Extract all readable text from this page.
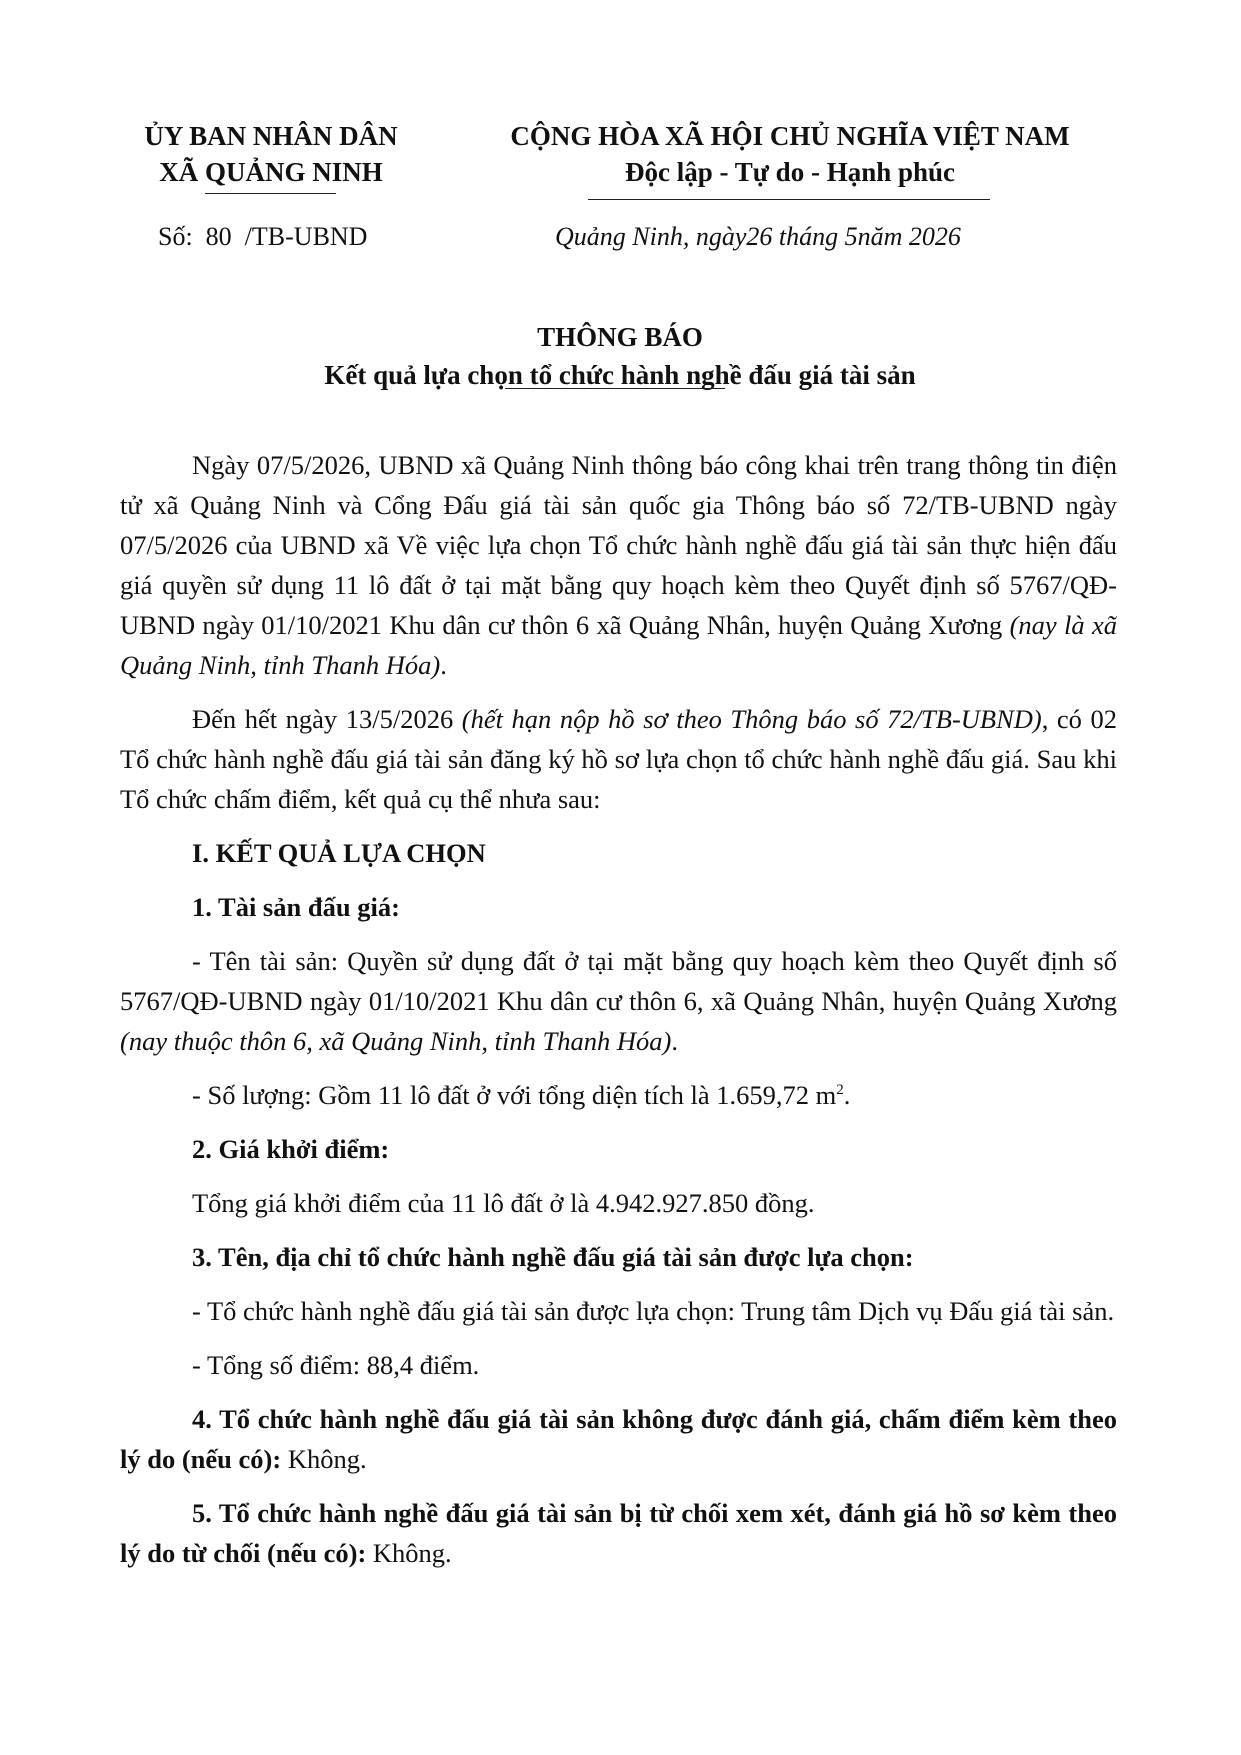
ỦY BAN NHÂN DÂN
XÃ QUẢNG NINH
CỘNG HÒA XÃ HỘI CHỦ NGHĨA VIỆT NAM
Độc lập - Tự do - Hạnh phúc
Số:  80  /TB-UBND	Quảng Ninh, ngày26 tháng 5năm 2026
THÔNG BÁO
Kết quả lựa chọn tổ chức hành nghề đấu giá tài sản

Ngày 07/5/2026, UBND xã Quảng Ninh thông báo công khai trên trang thông tin điện tử xã Quảng Ninh và Cổng Đấu giá tài sản quốc gia Thông báo số 72/TB-UBND ngày 07/5/2026 của UBND xã Về việc lựa chọn Tổ chức hành nghề đấu giá tài sản thực hiện đấu giá quyền sử dụng 11 lô đất ở tại mặt bằng quy hoạch kèm theo Quyết định số 5767/QĐ-UBND ngày 01/10/2021 Khu dân cư thôn 6 xã Quảng Nhân, huyện Quảng Xương (nay là xã Quảng Ninh, tỉnh Thanh Hóa).

Đến hết ngày 13/5/2026 (hết hạn nộp hồ sơ theo Thông báo số 72/TB-UBND), có 02 Tổ chức hành nghề đấu giá tài sản đăng ký hồ sơ lựa chọn tổ chức hành nghề đấu giá. Sau khi Tổ chức chấm điểm, kết quả cụ thể nhưa sau:

I. KẾT QUẢ LỰA CHỌN

1. Tài sản đấu giá:

- Tên tài sản: Quyền sử dụng đất ở tại mặt bằng quy hoạch kèm theo Quyết định số 5767/QĐ-UBND ngày 01/10/2021 Khu dân cư thôn 6, xã Quảng Nhân, huyện Quảng Xương (nay thuộc thôn 6, xã Quảng Ninh, tỉnh Thanh Hóa).

- Số lượng: Gồm 11 lô đất ở với tổng diện tích là 1.659,72 $m^2$.

2. Giá khởi điểm:

Tổng giá khởi điểm của 11 lô đất ở là 4.942.927.850 đồng.

3. Tên, địa chỉ tổ chức hành nghề đấu giá tài sản được lựa chọn:

- Tổ chức hành nghề đấu giá tài sản được lựa chọn: Trung tâm Dịch vụ Đấu giá tài sản.

- Tổng số điểm: 88,4 điểm.

4. Tổ chức hành nghề đấu giá tài sản không được đánh giá, chấm điểm kèm theo lý do (nếu có): Không.

5. Tổ chức hành nghề đấu giá tài sản bị từ chối xem xét, đánh giá hồ sơ kèm theo lý do từ chối (nếu có): Không.
